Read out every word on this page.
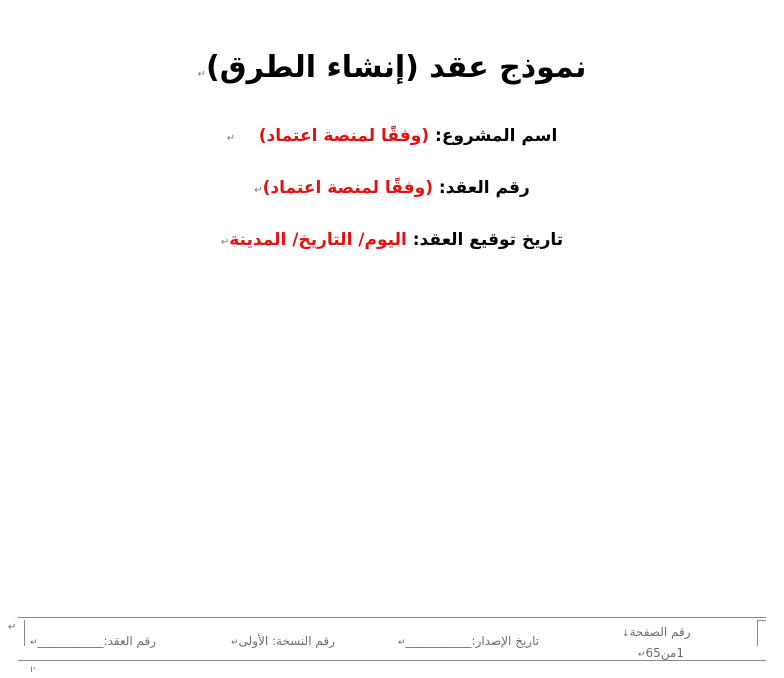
نموذج عقد (إنشاء الطرق)↵
اسم المشروع: (وفقًا لمنصة اعتماد)    ↵
رقم العقد: (وفقًا لمنصة اعتماد)↵
تاريخ توقيع العقد: اليوم/ التاريخ/ المدينة↵
↵	رقم الصفحة↓
1من65↵
تاريخ الإصدار:___________↵
رقم النسخة: الأولى↵
رقم العقد:___________↵
·ı
